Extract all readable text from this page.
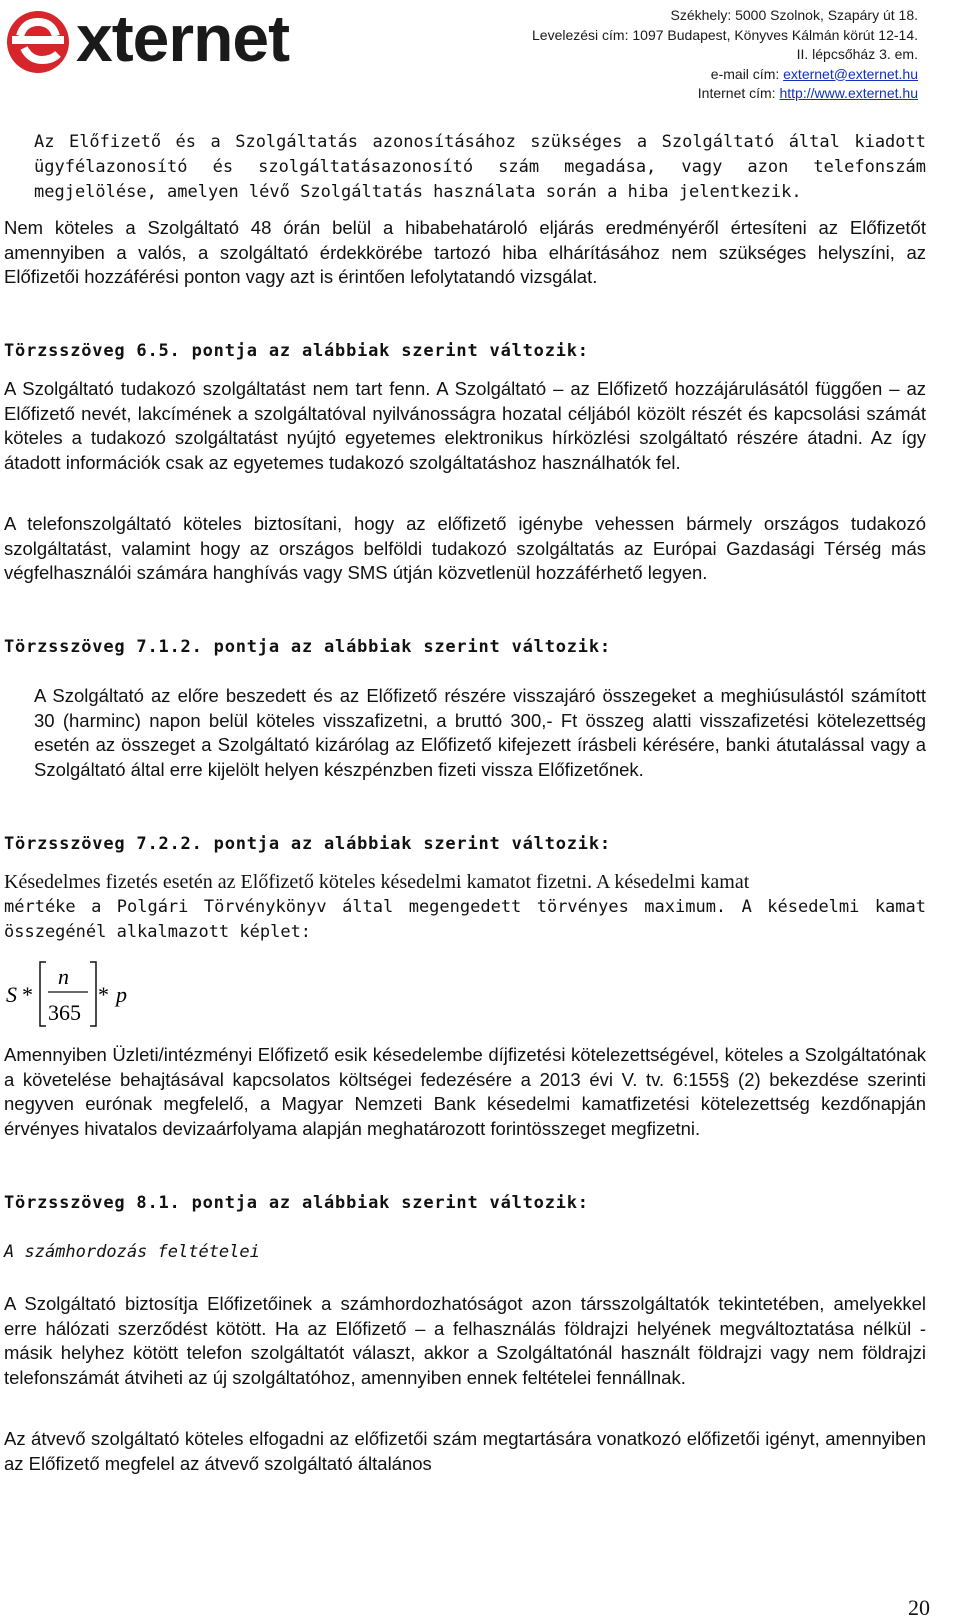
xternet	Székhely: 5000 Szolnok, Szapáry út 18.
Levelezési cím: 1097 Budapest, Könyves Kálmán körút 12-14.
II. lépcsőház 3. em.
e-mail cím: externet@externet.hu
Internet cím: http://www.externet.hu

Az Előfizető és a Szolgáltatás azonosításához szükséges a Szolgáltató által kiadott ügyfélazonosító és szolgáltatásazonosító szám megadása, vagy azon telefonszám megjelölése, amelyen lévő Szolgáltatás használata során a hiba jelentkezik.

Nem köteles a Szolgáltató 48 órán belül a hibabehatároló eljárás eredményéről értesíteni az Előfizetőt amennyiben a valós, a szolgáltató érdekkörébe tartozó hiba elhárításához nem szükséges helyszíni, az Előfizetői hozzáférési ponton vagy azt is érintően lefolytatandó vizsgálat.

Törzsszöveg 6.5. pontja az alábbiak szerint változik:

A Szolgáltató tudakozó szolgáltatást nem tart fenn. A Szolgáltató – az Előfizető hozzájárulásától függően – az Előfizető nevét, lakcímének a szolgáltatóval nyilvánosságra hozatal céljából közölt részét és kapcsolási számát köteles a tudakozó szolgáltatást nyújtó egyetemes elektronikus hírközlési szolgáltató részére átadni. Az így átadott információk csak az egyetemes tudakozó szolgáltatáshoz használhatók fel.

A telefonszolgáltató köteles biztosítani, hogy az előfizető igénybe vehessen bármely országos tudakozó szolgáltatást, valamint hogy az országos belföldi tudakozó szolgáltatás az Európai Gazdasági Térség más végfelhasználói számára hanghívás vagy SMS útján közvetlenül hozzáférhető legyen.

Törzsszöveg 7.1.2. pontja az alábbiak szerint változik:

A Szolgáltató az előre beszedett és az Előfizető részére visszajáró összegeket a meghiúsulástól számított 30 (harminc) napon belül köteles visszafizetni, a bruttó 300,- Ft összeg alatti visszafizetési kötelezettség esetén az összeget a Szolgáltató kizárólag az Előfizető kifejezett írásbeli kérésére, banki átutalással vagy a Szolgáltató által erre kijelölt helyen készpénzben fizeti vissza Előfizetőnek.

Törzsszöveg 7.2.2. pontja az alábbiak szerint változik:

Késedelmes fizetés esetén az Előfizető köteles késedelmi kamatot fizetni. A késedelmi kamat

mértéke a Polgári Törvénykönyv által megengedett törvényes maximum. A késedelmi kamat összegénél alkalmazott képlet:

S *
n
365
* p

Amennyiben Üzleti/intézményi Előfizető esik késedelembe díjfizetési kötelezettségével, köteles a Szolgáltatónak a követelése behajtásával kapcsolatos költségei fedezésére a 2013 évi V. tv. 6:155§ (2) bekezdése szerinti negyven eurónak megfelelő, a Magyar Nemzeti Bank késedelmi kamatfizetési kötelezettség kezdőnapján érvényes hivatalos devizaárfolyama alapján meghatározott forintösszeget megfizetni.

Törzsszöveg 8.1. pontja az alábbiak szerint változik:

A számhordozás feltételei

A Szolgáltató biztosítja Előfizetőinek a számhordozhatóságot azon társszolgáltatók tekintetében, amelyekkel erre hálózati szerződést kötött. Ha az Előfizető – a felhasználás földrajzi helyének megváltoztatása nélkül - másik helyhez kötött telefon szolgáltatót választ, akkor a Szolgáltatónál használt földrajzi vagy nem földrajzi telefonszámát átviheti az új szolgáltatóhoz, amennyiben ennek feltételei fennállnak.

Az átvevő szolgáltató köteles elfogadni az előfizetői szám megtartására vonatkozó előfizetői igényt, amennyiben az Előfizető megfelel az átvevő szolgáltató általános

20
